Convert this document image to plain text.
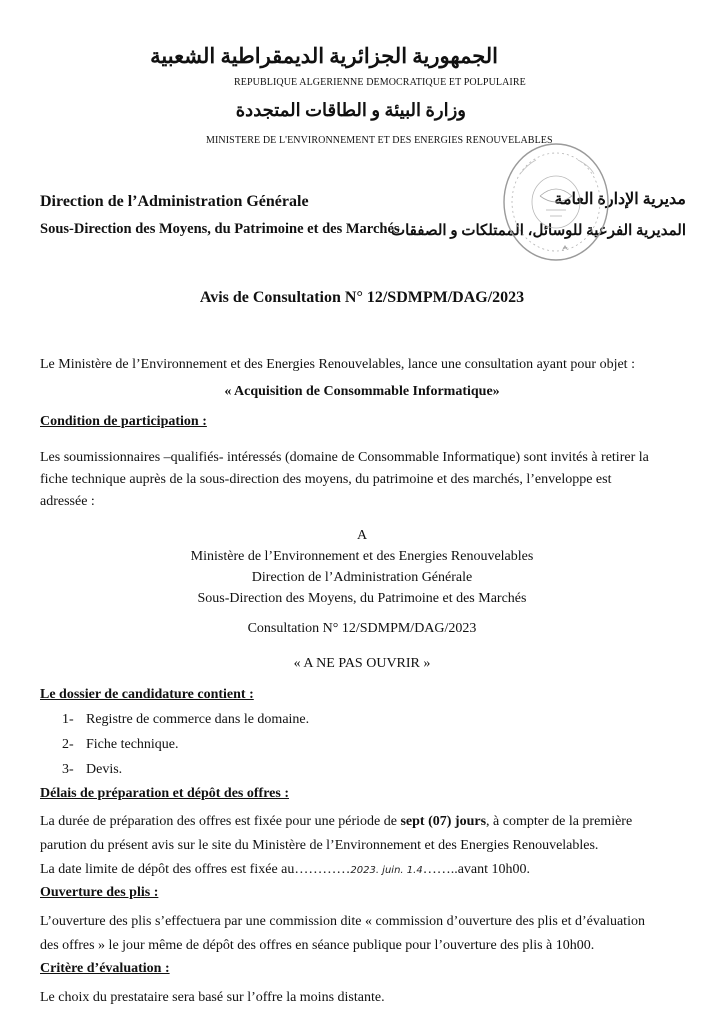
الجمهورية الجزائرية الديمقراطية الشعبية
REPUBLIQUE ALGERIENNE DEMOCRATIQUE ET POLPULAIRE
وزارة البيئة و الطاقات المتجددة
MINISTERE DE L'ENVIRONNEMENT ET DES ENERGIES RENOUVELABLES
Direction de l’Administration Générale
Sous-Direction des Moyens, du Patrimoine et des Marchés
مديرية الإدارة العامة
المديرية الفرعية للوسائل، الممتلكات و الصفقات
Avis de Consultation N° 12/SDMPM/DAG/2023
Le Ministère de l’Environnement et des Energies Renouvelables, lance une consultation ayant pour objet :
« Acquisition de Consommable Informatique»
Condition de participation :
Les soumissionnaires –qualifiés- intéressés (domaine de Consommable Informatique) sont invités à retirer la
fiche technique auprès de la sous-direction des moyens, du patrimoine et des marchés, l’enveloppe est
adressée :
A
Ministère de l’Environnement et des Energies Renouvelables
Direction de l’Administration Générale
Sous-Direction des Moyens, du Patrimoine et des Marchés
Consultation N° 12/SDMPM/DAG/2023
« A NE PAS OUVRIR »
Le dossier de candidature contient :
1- Registre de commerce dans le domaine.
2- Fiche technique.
3- Devis.
Délais de préparation et dépôt des offres :
La durée de préparation des offres est fixée pour une période de sept (07) jours, à compter de la première
parution du présent avis sur le site du Ministère de l’Environnement et des Energies Renouvelables.
La date limite de dépôt des offres est fixée au…………2023. juin. 1.4……..avant 10h00.
Ouverture des plis :
L’ouverture des plis s’effectuera par une commission dite « commission d’ouverture des plis et d’évaluation
des offres » le jour même de dépôt des offres en séance publique pour l’ouverture des plis à 10h00.
Critère d’évaluation :
Le choix du prestataire sera basé sur l’offre la moins distante.
